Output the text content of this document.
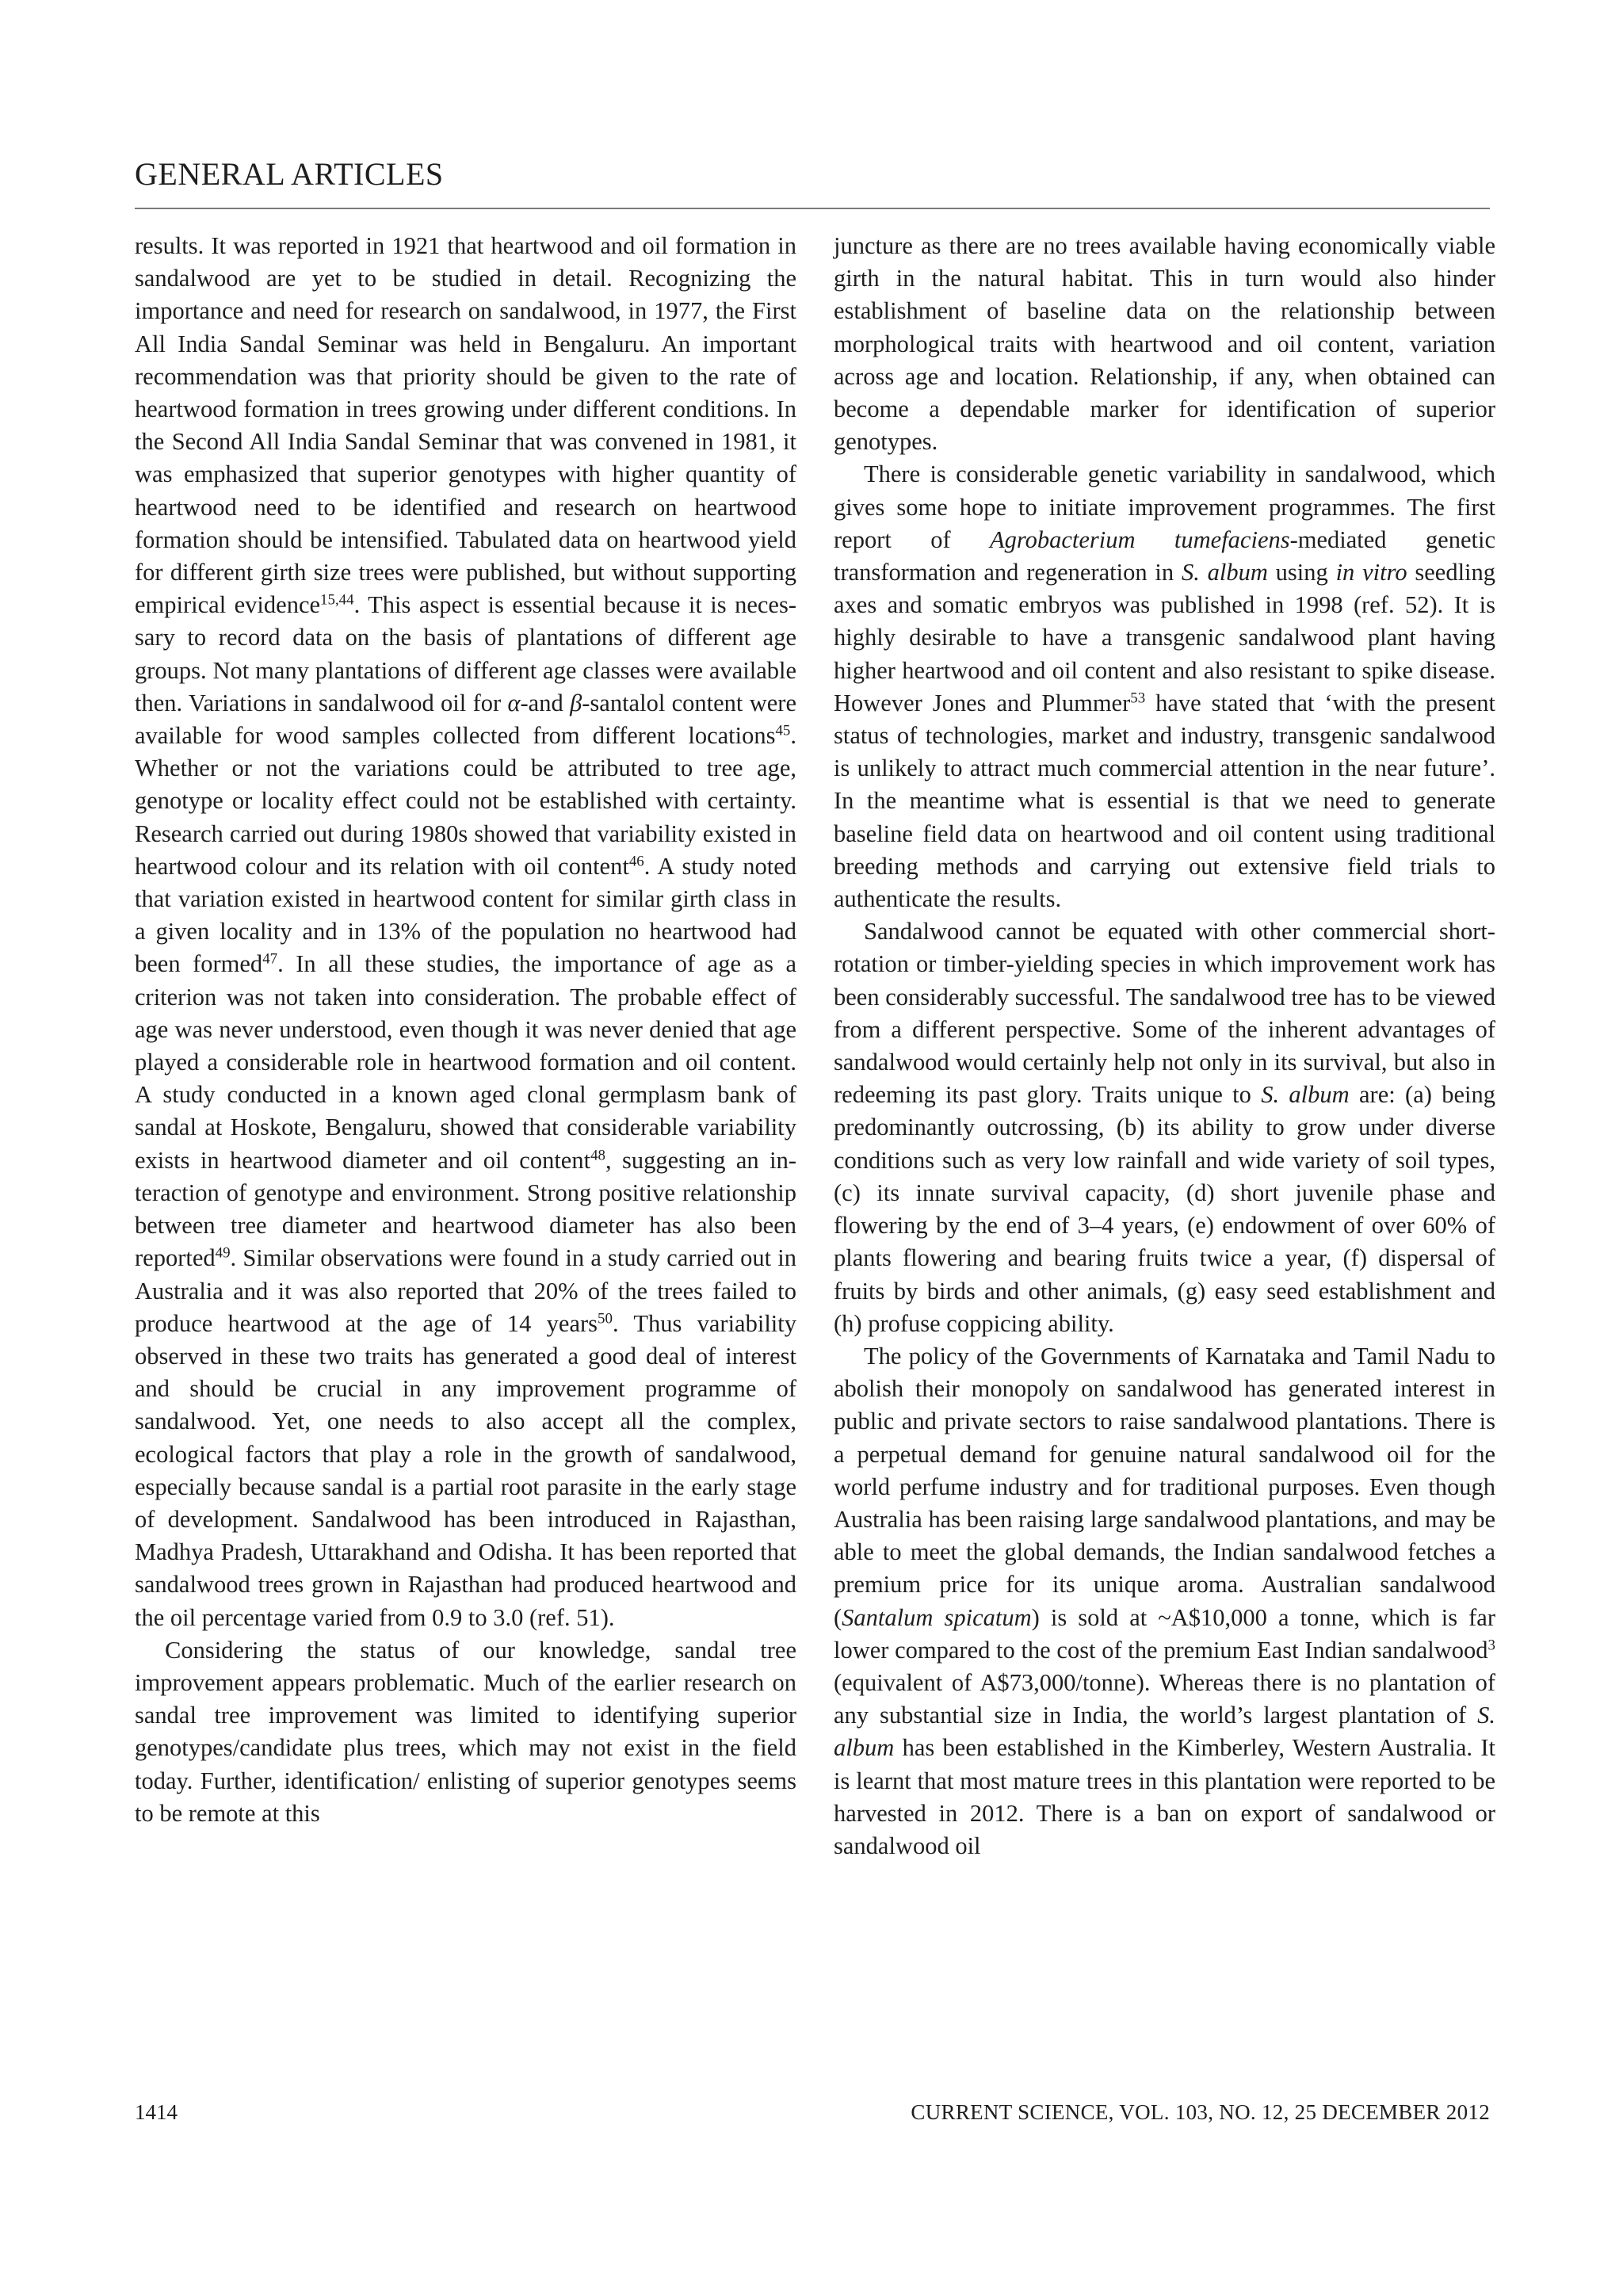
GENERAL ARTICLES

results. It was reported in 1921 that heartwood and oil formation in sandalwood are yet to be studied in detail. Recognizing the importance and need for research on sandalwood, in 1977, the First All India Sandal Seminar was held in Bengaluru. An important recommendation was that priority should be given to the rate of heartwood formation in trees growing under different conditions. In the Second All India Sandal Seminar that was convened in 1981, it was emphasized that superior genotypes with higher quantity of heartwood need to be identified and research on heartwood formation should be intensified. Tabulated data on heartwood yield for different girth size trees were published, but without supporting empirical evidence$^{15,44}$. This aspect is essential because it is necessary to record data on the basis of plantations of different age groups. Not many plantations of different age classes were available then. Variations in sandalwood oil for α-and β-santalol content were available for wood samples collected from different locations$^{45}$. Whether or not the variations could be attributed to tree age, genotype or locality effect could not be established with certainty. Research carried out during 1980s showed that variability existed in heartwood colour and its relation with oil content$^{46}$. A study noted that variation existed in heartwood content for similar girth class in a given locality and in 13% of the population no heartwood had been formed$^{47}$. In all these studies, the importance of age as a criterion was not taken into consideration. The probable effect of age was never understood, even though it was never denied that age played a considerable role in heartwood formation and oil content. A study conducted in a known aged clonal germplasm bank of sandal at Hoskote, Bengaluru, showed that considerable variability exists in heartwood diameter and oil content$^{48}$, suggesting an interaction of genotype and environment. Strong positive relationship between tree diameter and heartwood diameter has also been reported$^{49}$. Similar observations were found in a study carried out in Australia and it was also reported that 20% of the trees failed to produce heartwood at the age of 14 years$^{50}$. Thus variability observed in these two traits has generated a good deal of interest and should be crucial in any improvement programme of sandalwood. Yet, one needs to also accept all the complex, ecological factors that play a role in the growth of sandalwood, especially because sandal is a partial root parasite in the early stage of development. Sandalwood has been introduced in Rajasthan, Madhya Pradesh, Uttarakhand and Odisha. It has been reported that sandalwood trees grown in Rajasthan had produced heartwood and the oil percentage varied from 0.9 to 3.0 (ref. 51).

Considering the status of our knowledge, sandal tree improvement appears problematic. Much of the earlier research on sandal tree improvement was limited to identifying superior genotypes/candidate plus trees, which may not exist in the field today. Further, identification/ enlisting of superior genotypes seems to be remote at this

juncture as there are no trees available having economically viable girth in the natural habitat. This in turn would also hinder establishment of baseline data on the relationship between morphological traits with heartwood and oil content, variation across age and location. Relationship, if any, when obtained can become a dependable marker for identification of superior genotypes.

There is considerable genetic variability in sandalwood, which gives some hope to initiate improvement programmes. The first report of Agrobacterium tumefaciens-mediated genetic transformation and regeneration in S. album using in vitro seedling axes and somatic embryos was published in 1998 (ref. 52). It is highly desirable to have a transgenic sandalwood plant having higher heartwood and oil content and also resistant to spike disease. However Jones and Plummer$^{53}$ have stated that ‘with the present status of technologies, market and industry, transgenic sandalwood is unlikely to attract much commercial attention in the near future’. In the meantime what is essential is that we need to generate baseline field data on heartwood and oil content using traditional breeding methods and carrying out extensive field trials to authenticate the results.

Sandalwood cannot be equated with other commercial short-rotation or timber-yielding species in which improvement work has been considerably successful. The sandalwood tree has to be viewed from a different perspective. Some of the inherent advantages of sandalwood would certainly help not only in its survival, but also in redeeming its past glory. Traits unique to S. album are: (a) being predominantly outcrossing, (b) its ability to grow under diverse conditions such as very low rainfall and wide variety of soil types, (c) its innate survival capacity, (d) short juvenile phase and flowering by the end of 3–4 years, (e) endowment of over 60% of plants flowering and bearing fruits twice a year, (f) dispersal of fruits by birds and other animals, (g) easy seed establishment and (h) profuse coppicing ability.

The policy of the Governments of Karnataka and Tamil Nadu to abolish their monopoly on sandalwood has generated interest in public and private sectors to raise sandalwood plantations. There is a perpetual demand for genuine natural sandalwood oil for the world perfume industry and for traditional purposes. Even though Australia has been raising large sandalwood plantations, and may be able to meet the global demands, the Indian sandalwood fetches a premium price for its unique aroma. Australian sandalwood (Santalum spicatum) is sold at ~A$10,000 a tonne, which is far lower compared to the cost of the premium East Indian sandalwood$^3$ (equivalent of A$73,000/tonne). Whereas there is no plantation of any substantial size in India, the world’s largest plantation of S. album has been established in the Kimberley, Western Australia. It is learnt that most mature trees in this plantation were reported to be harvested in 2012. There is a ban on export of sandalwood or sandalwood oil

1414	CURRENT SCIENCE, VOL. 103, NO. 12, 25 DECEMBER 2012
